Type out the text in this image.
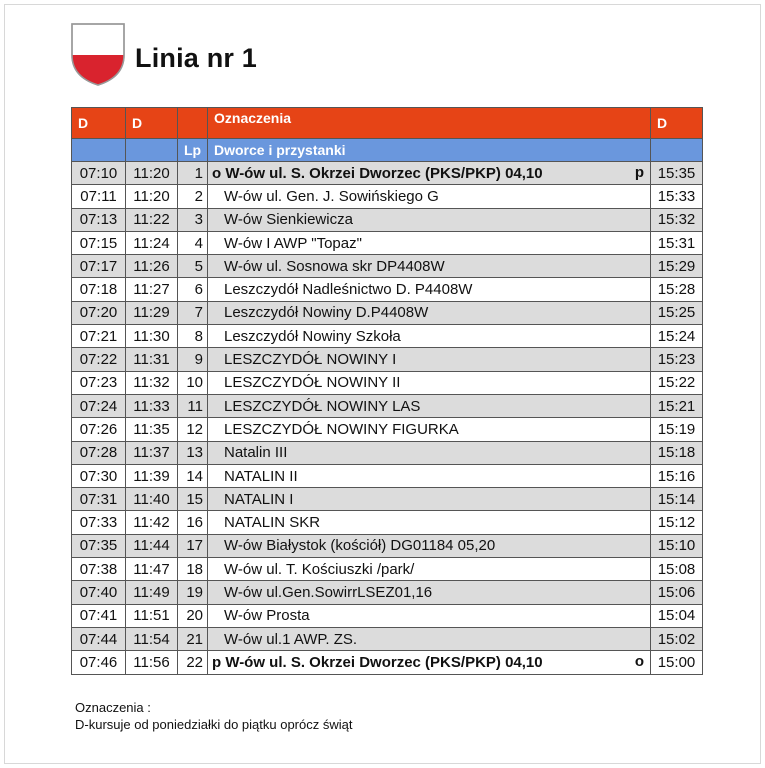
Linia nr 1
D	D		Oznaczenia	D
		Lp	Dworce i przystanki	
07:10	11:20	1	o W-ów ul. S. Okrzei Dworzec (PKS/PKP) 04,10 p	15:35
07:11	11:20	2	W-ów ul. Gen. J. Sowińskiego G	15:33
07:13	11:22	3	W-ów Sienkiewicza	15:32
07:15	11:24	4	W-ów I AWP "Topaz"	15:31
07:17	11:26	5	W-ów ul. Sosnowa skr DP4408W	15:29
07:18	11:27	6	Leszczydół Nadleśnictwo D. P4408W	15:28
07:20	11:29	7	Leszczydół Nowiny D.P4408W	15:25
07:21	11:30	8	Leszczydół Nowiny Szkoła	15:24
07:22	11:31	9	LESZCZYDÓŁ NOWINY I	15:23
07:23	11:32	10	LESZCZYDÓŁ NOWINY II	15:22
07:24	11:33	11	LESZCZYDÓŁ NOWINY LAS	15:21
07:26	11:35	12	LESZCZYDÓŁ NOWINY FIGURKA	15:19
07:28	11:37	13	Natalin III	15:18
07:30	11:39	14	NATALIN II	15:16
07:31	11:40	15	NATALIN I	15:14
07:33	11:42	16	NATALIN SKR	15:12
07:35	11:44	17	W-ów Białystok (kościół) DG01184 05,20	15:10
07:38	11:47	18	W-ów ul. T. Kościuszki /park/	15:08
07:40	11:49	19	W-ów ul.Gen.SowirrLSEZ01,16	15:06
07:41	11:51	20	W-ów Prosta	15:04
07:44	11:54	21	W-ów ul.1 AWP. ZS.	15:02
07:46	11:56	22	p W-ów ul. S. Okrzei Dworzec (PKS/PKP) 04,10 o	15:00
Oznaczenia :
D-kursuje od poniedziałki do piątku oprócz świąt
